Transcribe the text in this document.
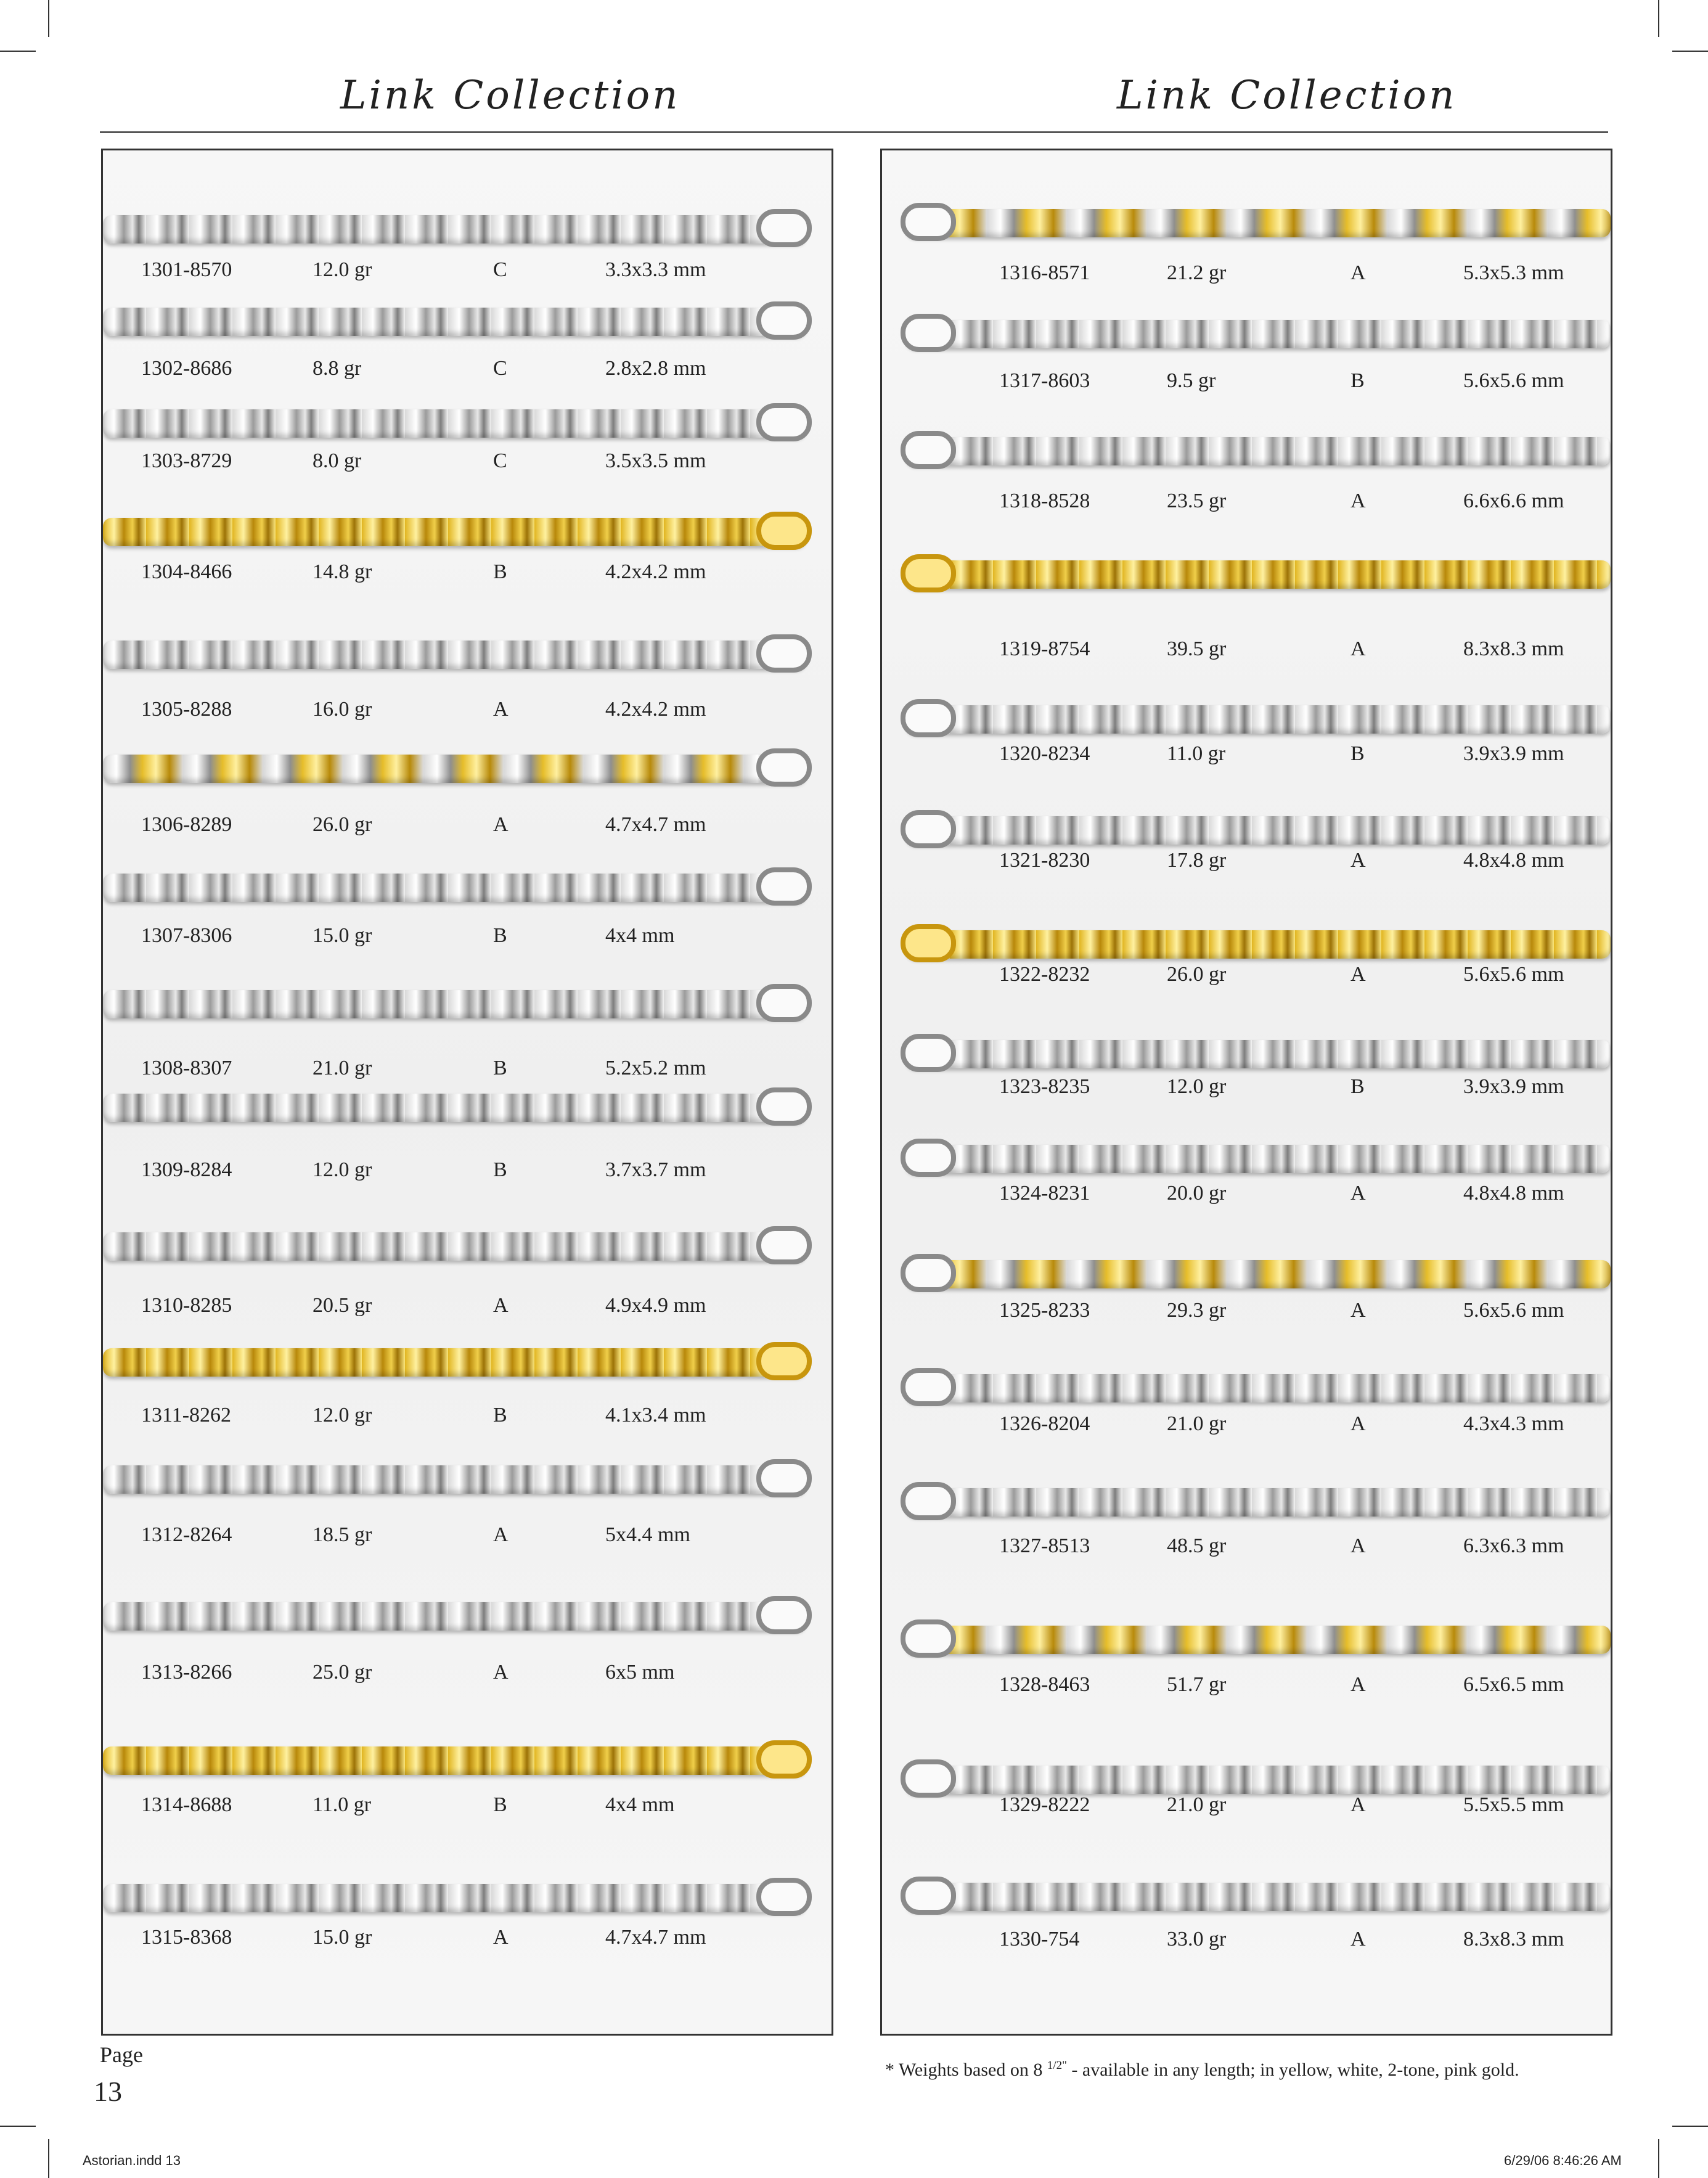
Link Collection	Link Collection
1301-8570	12.0 gr	C	3.3x3.3 mm
1302-8686	8.8 gr	C	2.8x2.8 mm
1303-8729	8.0 gr	C	3.5x3.5 mm
1304-8466	14.8 gr	B	4.2x4.2 mm
1305-8288	16.0 gr	A	4.2x4.2 mm
1306-8289	26.0 gr	A	4.7x4.7 mm
1307-8306	15.0 gr	B	4x4 mm
1308-8307	21.0 gr	B	5.2x5.2 mm
1309-8284	12.0 gr	B	3.7x3.7 mm
1310-8285	20.5 gr	A	4.9x4.9 mm
1311-8262	12.0 gr	B	4.1x3.4 mm
1312-8264	18.5 gr	A	5x4.4 mm
1313-8266	25.0 gr	A	6x5 mm
1314-8688	11.0 gr	B	4x4 mm
1315-8368	15.0 gr	A	4.7x4.7 mm
1316-8571	21.2 gr	A	5.3x5.3 mm
1317-8603	9.5 gr	B	5.6x5.6 mm
1318-8528	23.5 gr	A	6.6x6.6 mm
1319-8754	39.5 gr	A	8.3x8.3 mm
1320-8234	11.0 gr	B	3.9x3.9 mm
1321-8230	17.8 gr	A	4.8x4.8 mm
1322-8232	26.0 gr	A	5.6x5.6 mm
1323-8235	12.0 gr	B	3.9x3.9 mm
1324-8231	20.0 gr	A	4.8x4.8 mm
1325-8233	29.3 gr	A	5.6x5.6 mm
1326-8204	21.0 gr	A	4.3x4.3 mm
1327-8513	48.5 gr	A	6.3x6.3 mm
1328-8463	51.7 gr	A	6.5x6.5 mm
1329-8222	21.0 gr	A	5.5x5.5 mm
1330-754	33.0 gr	A	8.3x8.3 mm
Page
13
* Weights based on 8 $^{1/2"}$ - available in any length; in yellow, white, 2-tone, pink gold.
Astorian.indd 13	6/29/06 8:46:26 AM
